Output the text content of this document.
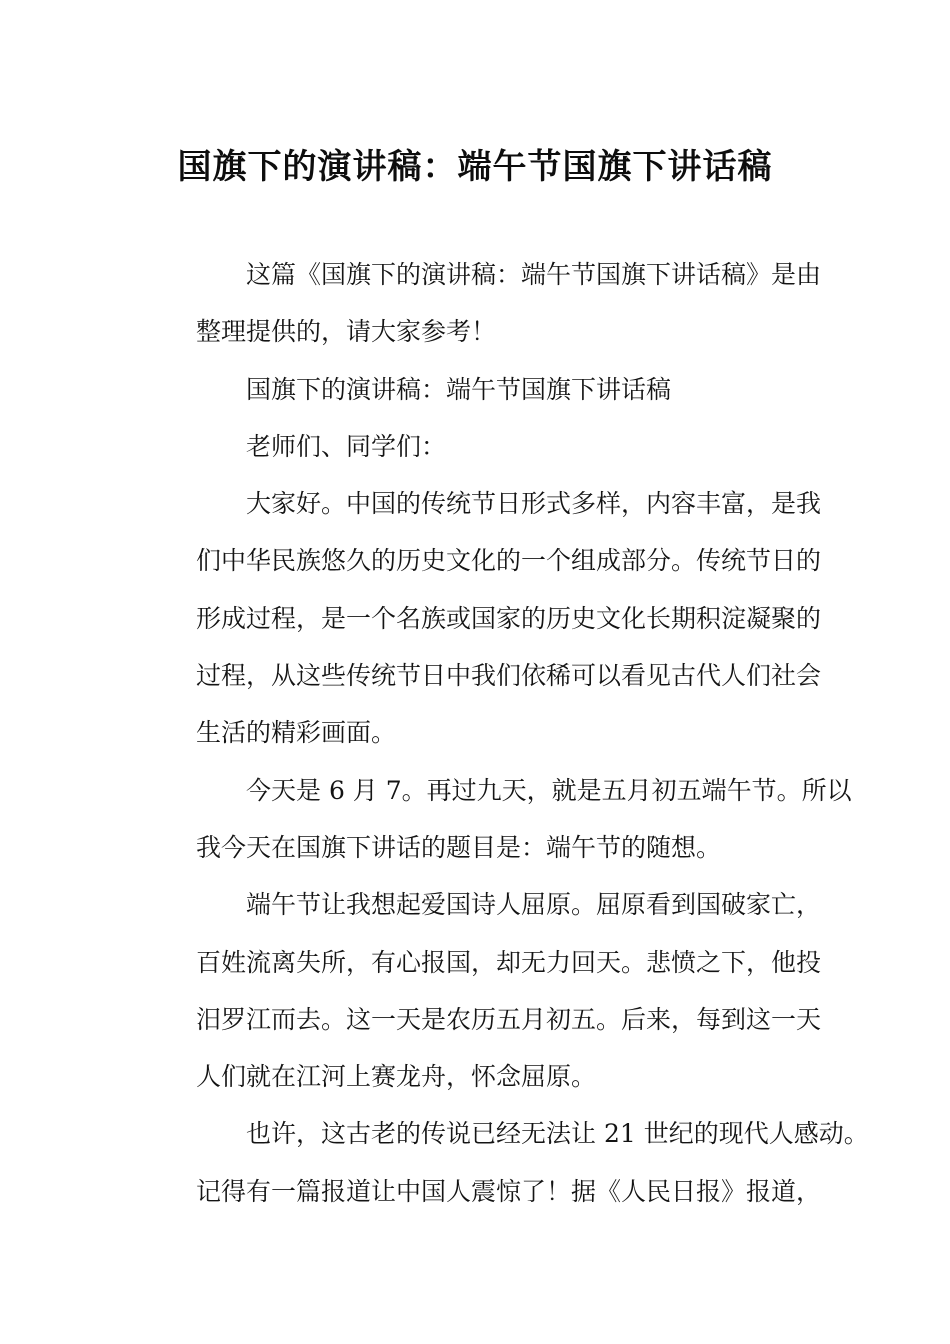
国旗下的演讲稿：端午节国旗下讲话稿

这篇《国旗下的演讲稿：端午节国旗下讲话稿》是由
整理提供的，请大家参考！

国旗下的演讲稿：端午节国旗下讲话稿

老师们、同学们：

大家好。中国的传统节日形式多样，内容丰富，是我
们中华民族悠久的历史文化的一个组成部分。传统节日的
形成过程，是一个名族或国家的历史文化长期积淀凝聚的
过程，从这些传统节日中我们依稀可以看见古代人们社会
生活的精彩画面。

今天是 6 月 7。再过九天，就是五月初五端午节。所以
我今天在国旗下讲话的题目是：端午节的随想。

端午节让我想起爱国诗人屈原。屈原看到国破家亡，
百姓流离失所，有心报国，却无力回天。悲愤之下，他投
汨罗江而去。这一天是农历五月初五。后来，每到这一天
人们就在江河上赛龙舟，怀念屈原。

也许，这古老的传说已经无法让 21 世纪的现代人感动。
记得有一篇报道让中国人震惊了！据《人民日报》报道，
